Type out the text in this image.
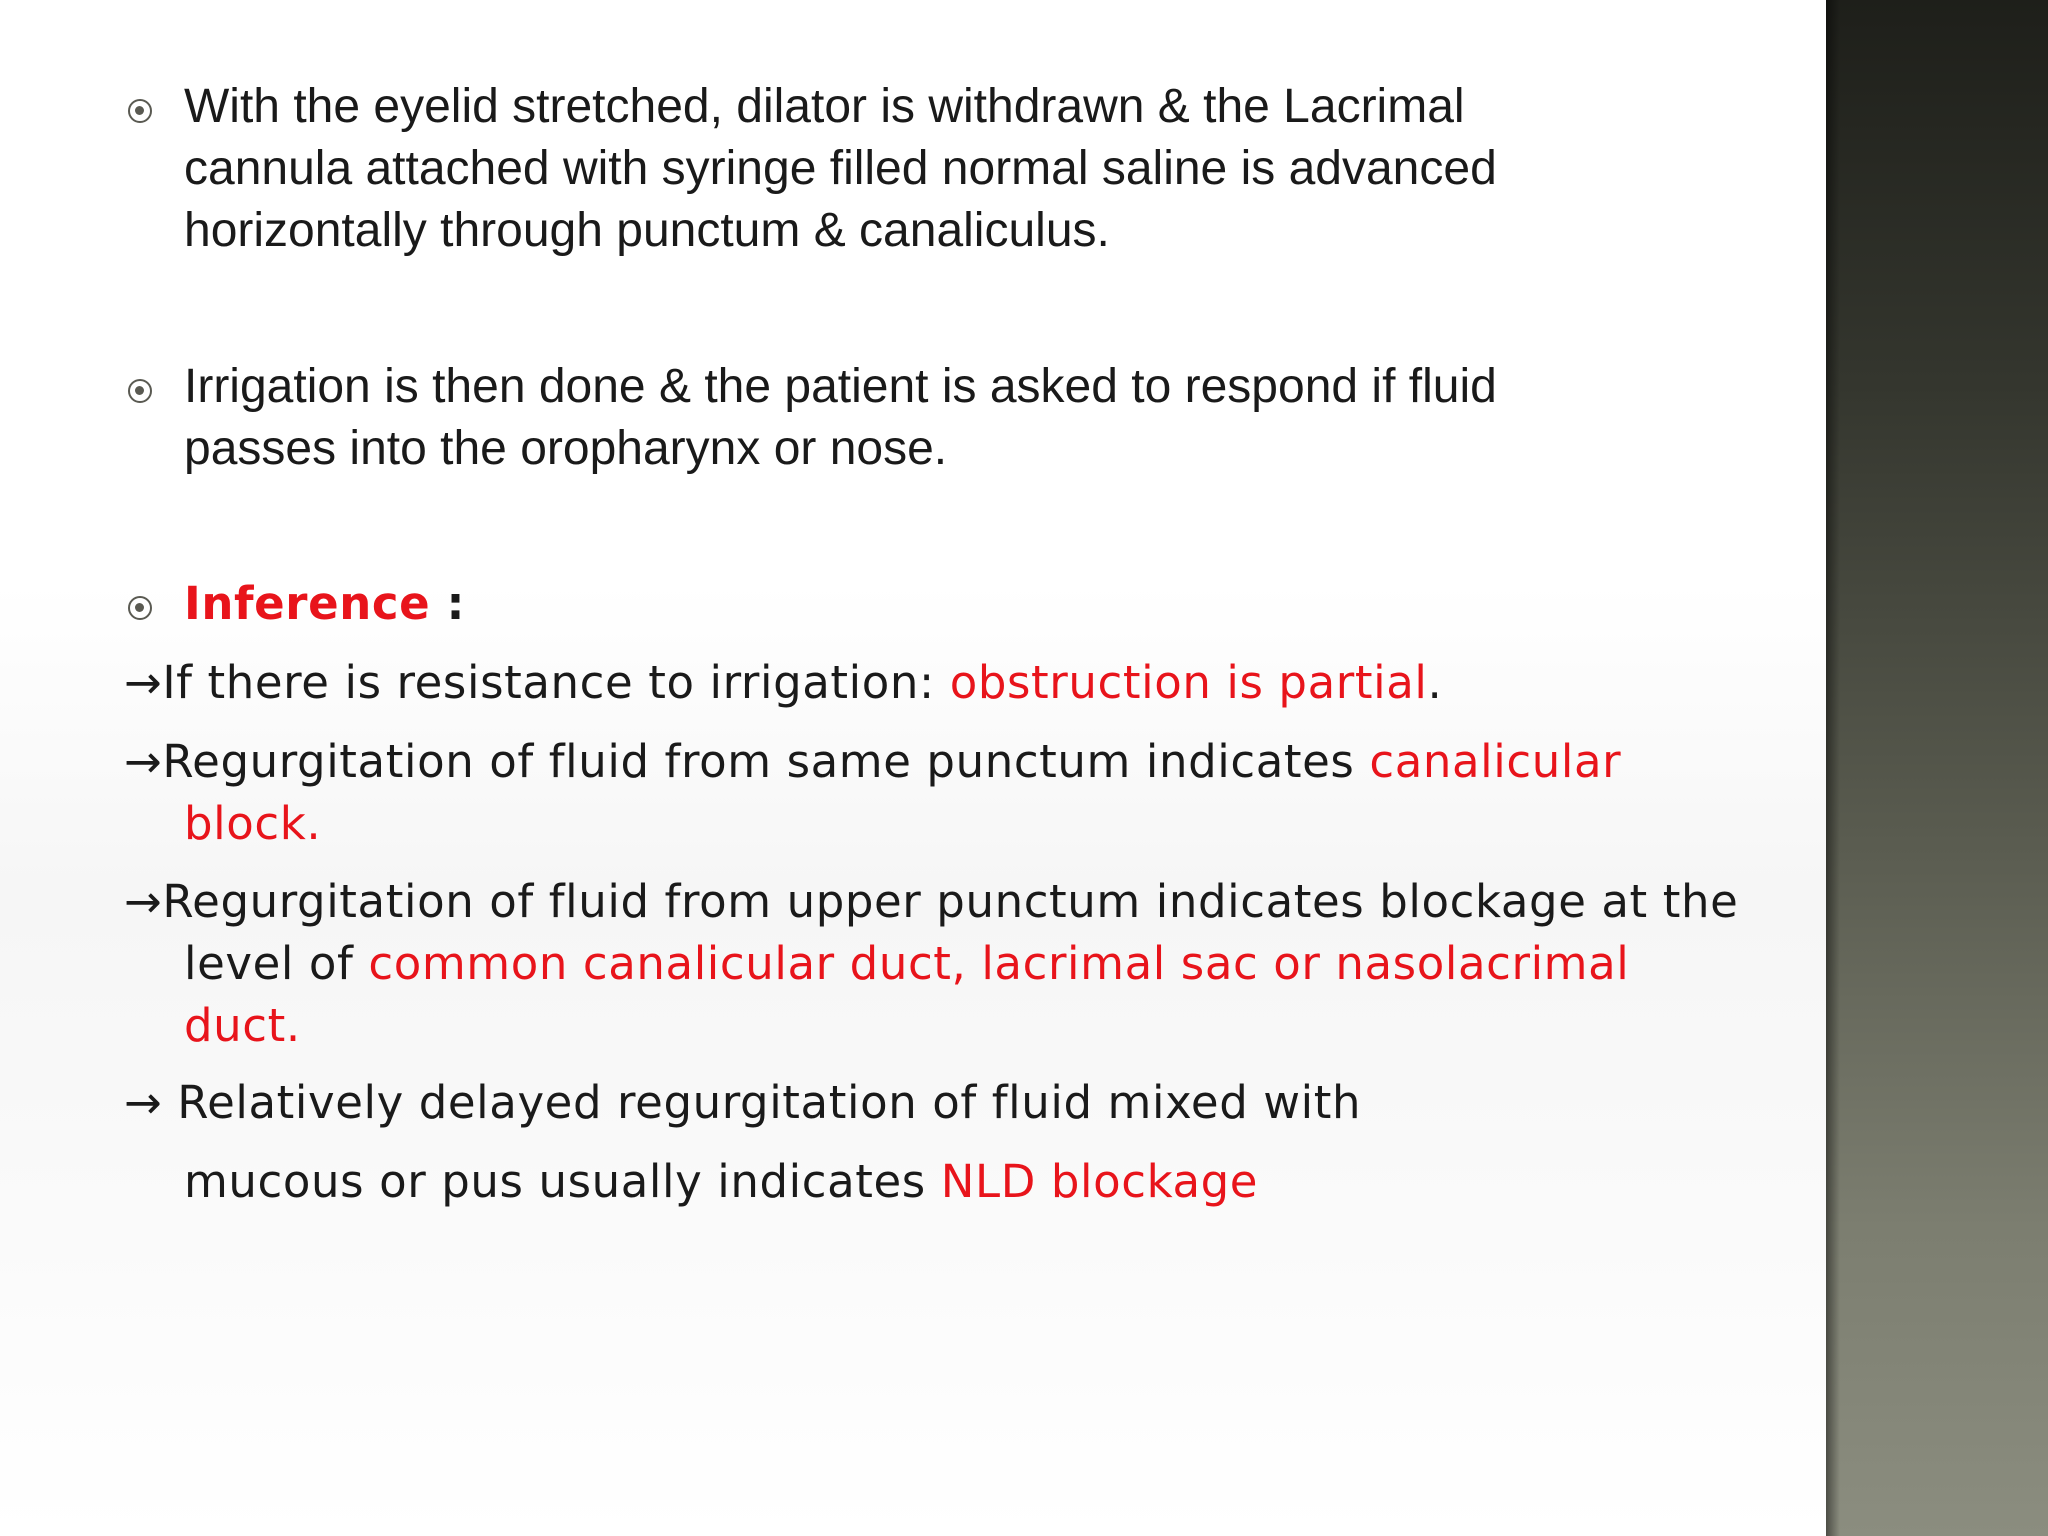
With the eyelid stretched, dilator is withdrawn & the Lacrimal cannula attached with syringe filled normal saline is advanced horizontally through punctum & canaliculus.

Irrigation is then done & the patient is asked to respond if fluid passes into the oropharynx or nose.

Inference :

→If there is resistance to irrigation: obstruction is partial.

→Regurgitation of fluid from same punctum indicates canalicular block.

→Regurgitation of fluid from upper punctum indicates blockage at the level of common canalicular duct, lacrimal sac or nasolacrimal duct.

→ Relatively delayed regurgitation of fluid mixed with

mucous or pus usually indicates NLD blockage
